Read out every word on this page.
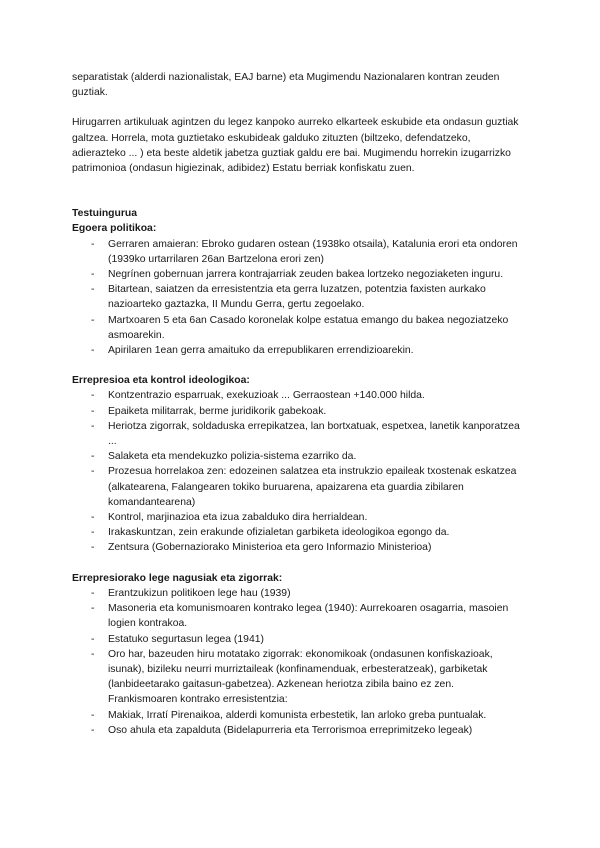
separatistak (alderdi nazionalistak, EAJ barne) eta Mugimendu Nazionalaren kontran zeuden guztiak.

Hirugarren artikuluak agintzen du legez kanpoko aurreko elkarteek eskubide eta ondasun guztiak galtzea. Horrela, mota guztietako eskubideak galduko zituzten (biltzeko, defendatzeko, adierazteko ... ) eta beste aldetik jabetza guztiak galdu ere bai. Mugimendu horrekin izugarrizko patrimonioa (ondasun higiezinak, adibidez) Estatu berriak konfiskatu zuen.

Testuingurua

Egoera politikoa:

- Gerraren amaieran: Ebroko gudaren ostean (1938ko otsaila), Katalunia erori eta ondoren (1939ko urtarrilaren 26an Bartzelona erori zen)
- Negrínen gobernuan jarrera kontrajarriak zeuden bakea lortzeko negoziaketen inguru.
- Bitartean, saiatzen da erresistentzia eta gerra luzatzen, potentzia faxisten aurkako nazioarteko gaztazka, II Mundu Gerra, gertu zegoelako.
- Martxoaren 5 eta 6an Casado koronelak kolpe estatua emango du bakea negoziatzeko asmoarekin.
- Apirilaren 1ean gerra amaituko da errepublikaren errendizioarekin.

Errepresioa eta kontrol ideologikoa:

- Kontzentrazio esparruak, exekuzioak ... Gerraostean +140.000 hilda.
- Epaiketa militarrak, berme juridikorik gabekoak.
- Heriotza zigorrak, soldaduska errepikatzea, lan bortxatuak, espetxea, lanetik kanporatzea ...
- Salaketa eta mendekuzko polizia-sistema ezarriko da.
- Prozesua horrelakoa zen: edozeinen salatzea eta instrukzio epaileak txostenak eskatzea (alkatearena, Falangearen tokiko buruarena, apaizarena eta guardia zibilaren komandantearena)
- Kontrol, marjinazioa eta izua zabalduko dira herrialdean.
- Irakaskuntzan, zein erakunde ofizialetan garbiketa ideologikoa egongo da.
- Zentsura (Gobernaziorako Ministerioa eta gero Informazio Ministerioa)

Errepresiorako lege nagusiak eta zigorrak:

- Erantzukizun politikoen lege hau (1939)
- Masoneria eta komunismoaren kontrako legea (1940): Aurrekoaren osagarria, masoien logien kontrakoa.
- Estatuko segurtasun legea (1941)
- Oro har, bazeuden hiru motatako zigorrak: ekonomikoak (ondasunen konfiskazioak, isunak), bizileku neurri murriztaileak (konfinamenduak, erbesteratzeak), garbiketak (lanbideetarako gaitasun-gabetzea). Azkenean heriotza zibila baino ez zen. Frankismoaren kontrako erresistentzia:
- Makiak, Irratí Pirenaikoa, alderdi komunista erbestetik, lan arloko greba puntualak.
- Oso ahula eta zapalduta (Bidelapurreria eta Terrorismoa erreprimitzeko legeak)
